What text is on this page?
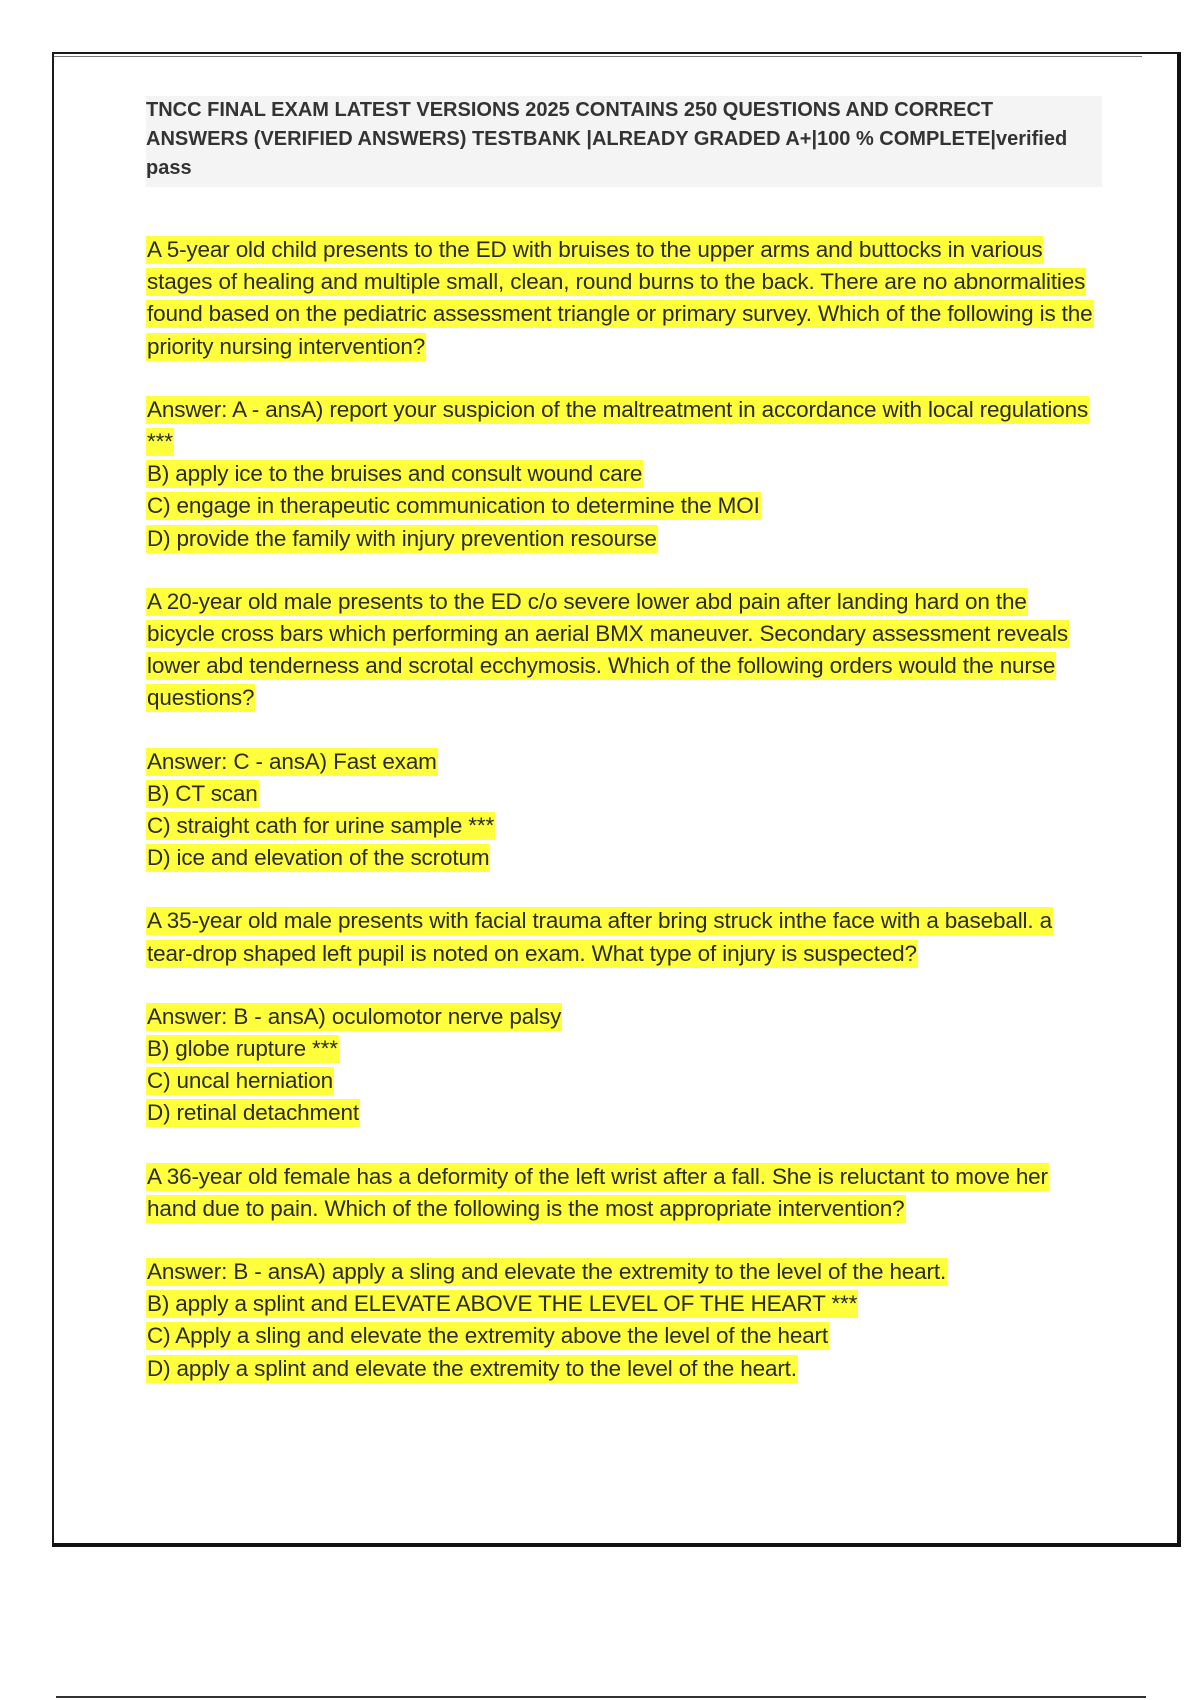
TNCC FINAL EXAM LATEST VERSIONS 2025 CONTAINS 250 QUESTIONS AND CORRECT ANSWERS (VERIFIED ANSWERS) TESTBANK |ALREADY GRADED A+|100 % COMPLETE|verified pass
A 5-year old child presents to the ED with bruises to the upper arms and buttocks in various stages of healing and multiple small, clean, round burns to the back. There are no abnormalities found based on the pediatric assessment triangle or primary survey. Which of the following is the priority nursing intervention?
Answer: A - ansA) report your suspicion of the maltreatment in accordance with local regulations ***
B) apply ice to the bruises and consult wound care
C) engage in therapeutic communication to determine the MOI
D) provide the family with injury prevention resourse
A 20-year old male presents to the ED c/o severe lower abd pain after landing hard on the bicycle cross bars which performing an aerial BMX maneuver. Secondary assessment reveals lower abd tenderness and scrotal ecchymosis. Which of the following orders would the nurse questions?
Answer: C - ansA) Fast exam
B) CT scan
C) straight cath for urine sample ***
D) ice and elevation of the scrotum
A 35-year old male presents with facial trauma after bring struck inthe face with a baseball. a tear-drop shaped left pupil is noted on exam. What type of injury is suspected?
Answer: B - ansA) oculomotor nerve palsy
B) globe rupture ***
C) uncal herniation
D) retinal detachment
A 36-year old female has a deformity of the left wrist after a fall. She is reluctant to move her hand due to pain. Which of the following is the most appropriate intervention?
Answer: B - ansA) apply a sling and elevate the extremity to the level of the heart.
B) apply a splint and ELEVATE ABOVE THE LEVEL OF THE HEART ***
C) Apply a sling and elevate the extremity above the level of the heart
D) apply a splint and elevate the extremity to the level of the heart.
